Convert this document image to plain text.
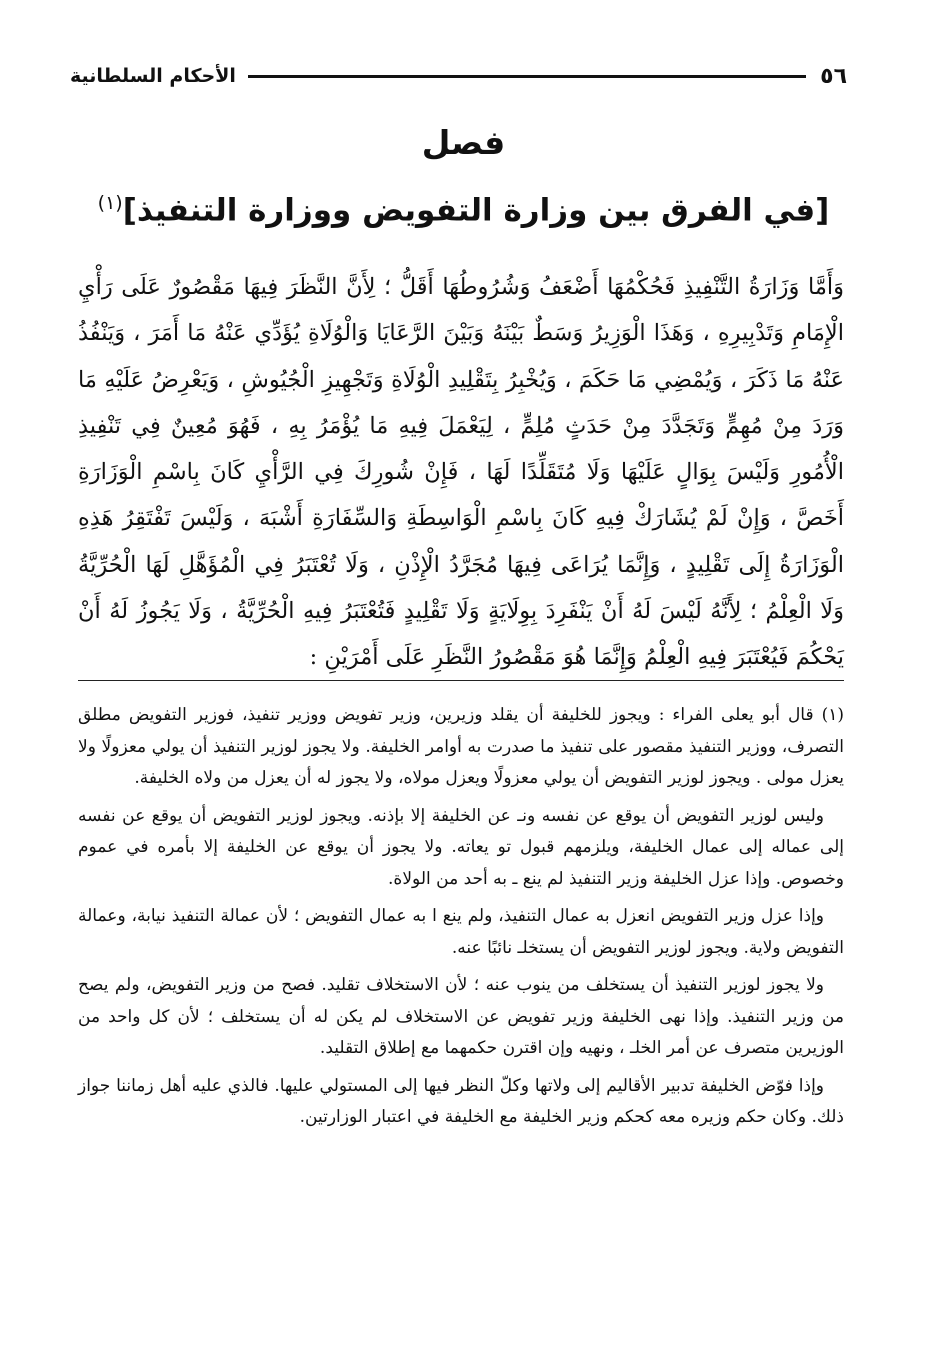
٥٦
الأحكام السلطانية
فصل
[في الفرق بين وزارة التفويض ووزارة التنفيذ]$^{(١)}$
وَأَمَّا وَزَارَةُ التَّنْفِيذِ فَحُكْمُهَا أَضْعَفُ وَشُرُوطُهَا أَقَلُّ ؛ لِأَنَّ النَّظَرَ فِيهَا مَقْصُورٌ عَلَى رَأْيِ الْإِمَامِ وَتَدْبِيرِهِ ، وَهَذَا الْوَزِيرُ وَسَطٌ بَيْنَهُ وَبَيْنَ الرَّعَايَا وَالْوُلَاةِ يُؤَدِّي عَنْهُ مَا أَمَرَ ، وَيَنْفُذُ عَنْهُ مَا ذَكَرَ ، وَيُمْضِي مَا حَكَمَ ، وَيُخْبِرُ بِتَقْلِيدِ الْوُلَاةِ وَتَجْهِيزِ الْجُيُوشِ ، وَيَعْرِضُ عَلَيْهِ مَا وَرَدَ مِنْ مُهِمٍّ وَتَجَدَّدَ مِنْ حَدَثٍ مُلِمٍّ ، لِيَعْمَلَ فِيهِ مَا يُؤْمَرُ بِهِ ، فَهُوَ مُعِينٌ فِي تَنْفِيذِ الْأُمُورِ وَلَيْسَ بِوَالٍ عَلَيْهَا وَلَا مُتَقَلِّدًا لَهَا ، فَإِنْ شُورِكَ فِي الرَّأْيِ كَانَ بِاسْمِ الْوَزَارَةِ أَخَصَّ ، وَإِنْ لَمْ يُشَارَكْ فِيهِ كَانَ بِاسْمِ الْوَاسِطَةِ وَالسِّفَارَةِ أَشْبَهَ ، وَلَيْسَ تَفْتَقِرُ هَذِهِ الْوَزَارَةُ إِلَى تَقْلِيدٍ ، وَإِنَّمَا يُرَاعَى فِيهَا مُجَرَّدُ الْإِذْنِ ، وَلَا تُعْتَبَرُ فِي الْمُؤَهَّلِ لَهَا الْحُرِّيَّةُ وَلَا الْعِلْمُ ؛ لِأَنَّهُ لَيْسَ لَهُ أَنْ يَنْفَرِدَ بِوِلَايَةٍ وَلَا تَقْلِيدٍ فَتُعْتَبَرُ فِيهِ الْحُرِّيَّةُ ، وَلَا يَجُوزُ لَهُ أَنْ يَحْكُمَ فَيُعْتَبَرَ فِيهِ الْعِلْمُ وَإِنَّمَا هُوَ مَقْصُورُ النَّظَرِ عَلَى أَمْرَيْنِ :

(١) قال أبو يعلى الفراء : ويجوز للخليفة أن يقلد وزيرين، وزير تفويض ووزير تنفيذ، فوزير التفويض مطلق التصرف، ووزير التنفيذ مقصور على تنفيذ ما صدرت به أوامر الخليفة. ولا يجوز لوزير التنفيذ أن يولي معزولًا ولا يعزل مولى . ويجوز لوزير التفويض أن يولي معزولًا ويعزل مولاه، ولا يجوز له أن يعزل من ولاه الخليفة.

وليس لوزير التفويض أن يوقع عن نفسه ونـ عن الخليفة إلا بإذنه. ويجوز لوزير التفويض أن يوقع عن نفسه إلى عماله إلى عمال الخليفة، ويلزمهم قبول تو يعاته. ولا يجوز أن يوقع عن الخليفة إلا بأمره في عموم وخصوص. وإذا عزل الخليفة وزير التنفيذ لم ينع ـ به أحد من الولاة.

وإذا عزل وزير التفويض انعزل به عمال التنفيذ، ولم ينع ا به عمال التفويض ؛ لأن عمالة التنفيذ نيابة، وعمالة التفويض ولاية. ويجوز لوزير التفويض أن يستخلـ نائبًا عنه.

ولا يجوز لوزير التنفيذ أن يستخلف من ينوب عنه ؛ لأن الاستخلاف تقليد. فصح من وزير التفويض، ولم يصح من وزير التنفيذ. وإذا نهى الخليفة وزير تفويض عن الاستخلاف لم يكن له أن يستخلف ؛ لأن كل واحد من الوزيرين متصرف عن أمر الخلـ ، ونهيه وإن اقترن حكمهما مع إطلاق التقليد.

وإذا فوّض الخليفة تدبير الأقاليم إلى ولاتها وكلّ النظر فيها إلى المستولي عليها. فالذي عليه أهل زماننا جواز ذلك. وكان حكم وزيره معه كحكم وزير الخليفة مع الخليفة في اعتبار الوزارتين.
